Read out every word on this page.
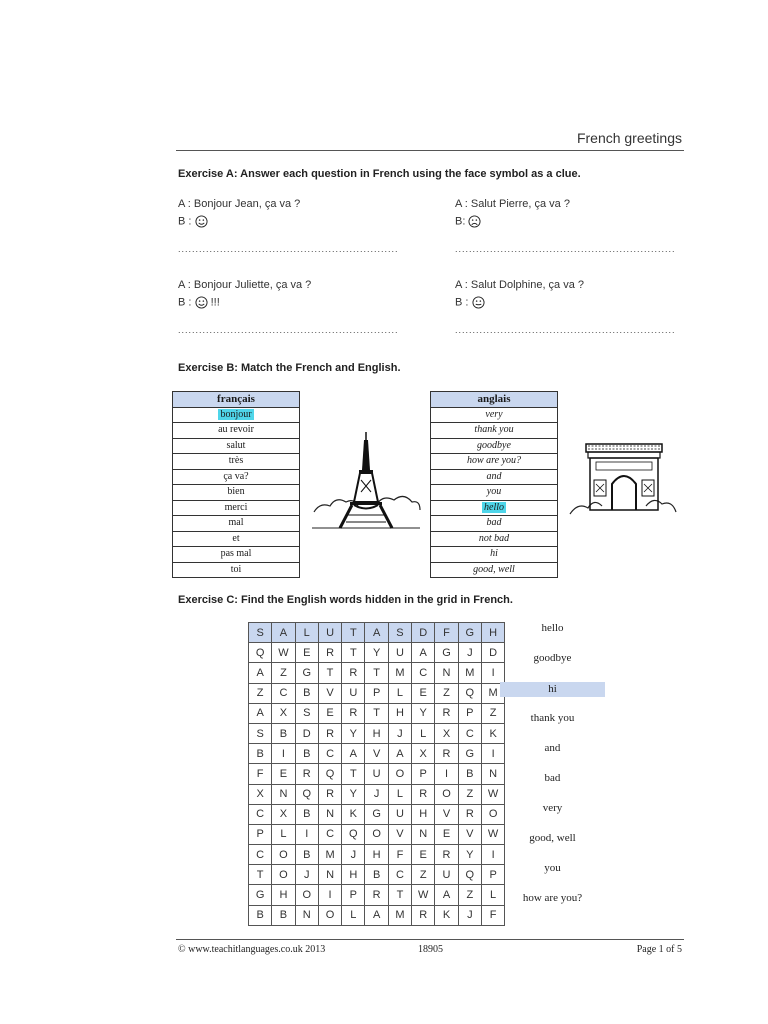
French greetings
Exercise A: Answer each question in French using the face symbol as a clue.
A : Bonjour Jean, ça va ?
B :
...............................................................
A : Salut Pierre, ça va ?
B:
...............................................................
A : Bonjour Juliette, ça va ?
B : !!!
...............................................................
A : Salut Dolphine, ça va ?
B :
...............................................................
Exercise B: Match the French and English.
français
bonjour
au revoir
salut
très
ça va?
bien
merci
mal
et
pas mal
toi
anglais
very
thank you
goodbye
how are you?
and
you
hello
bad
not bad
hi
good, well
Exercise C: Find the English words hidden in the grid in French.
S	A	L	U	T	A	S	D	F	G	H
Q	W	E	R	T	Y	U	A	G	J	D
A	Z	G	T	R	T	M	C	N	M	I
Z	C	B	V	U	P	L	E	Z	Q	M
A	X	S	E	R	T	H	Y	R	P	Z
S	B	D	R	Y	H	J	L	X	C	K
B	I	B	C	A	V	A	X	R	G	I
F	E	R	Q	T	U	O	P	I	B	N
X	N	Q	R	Y	J	L	R	O	Z	W
C	X	B	N	K	G	U	H	V	R	O
P	L	I	C	Q	O	V	N	E	V	W
C	O	B	M	J	H	F	E	R	Y	I
T	O	J	N	H	B	C	Z	U	Q	P
G	H	O	I	P	R	T	W	A	Z	L
B	B	N	O	L	A	M	R	K	J	F
hello
goodbye
hi
thank you
and
bad
very
good, well
you
how are you?
© www.teachitlanguages.co.uk 2013	18905	Page 1 of 5
